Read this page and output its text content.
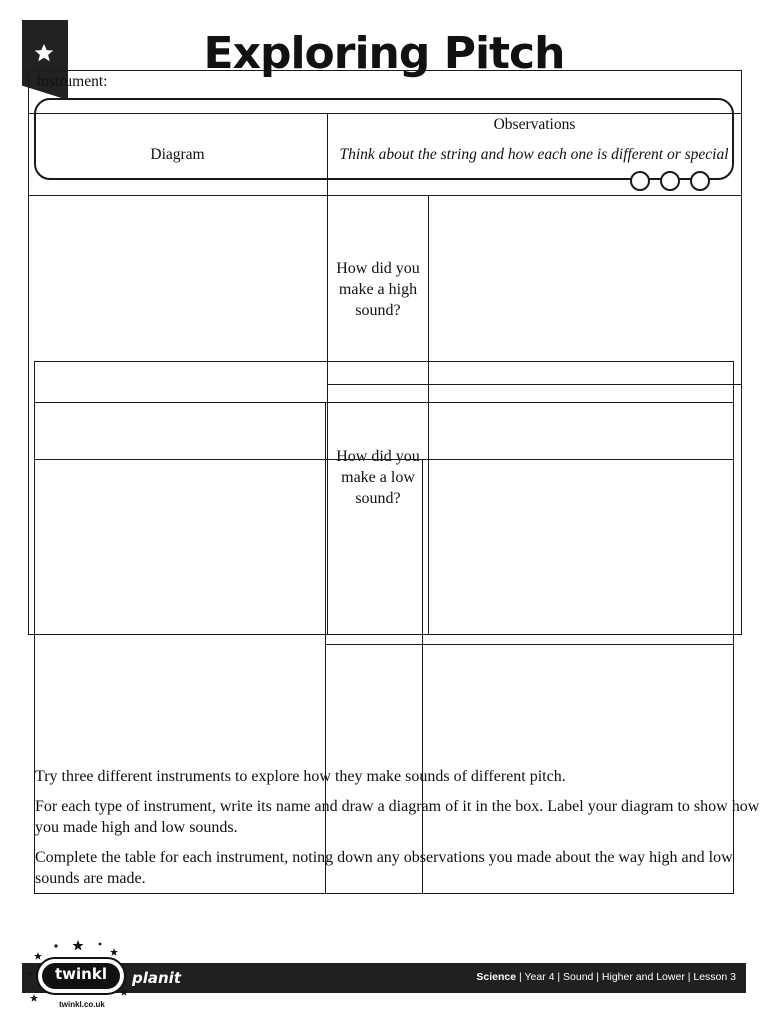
Exploring Pitch
Instrument:
Diagram
Observations
Think about the string and how each one is different or special
How did you make a high sound?
How did you make a low sound?

Try three different instruments to explore how they make sounds of different pitch.

For each type of instrument, write its name and draw a diagram of it in the box. Label your diagram to show how you made high and low sounds.

Complete the table for each instrument, noting down any observations you made about the way high and low sounds are made.

twinkl
twinkl.co.uk
planit	Science | Year 4 | Sound | Higher and Lower | Lesson 3
